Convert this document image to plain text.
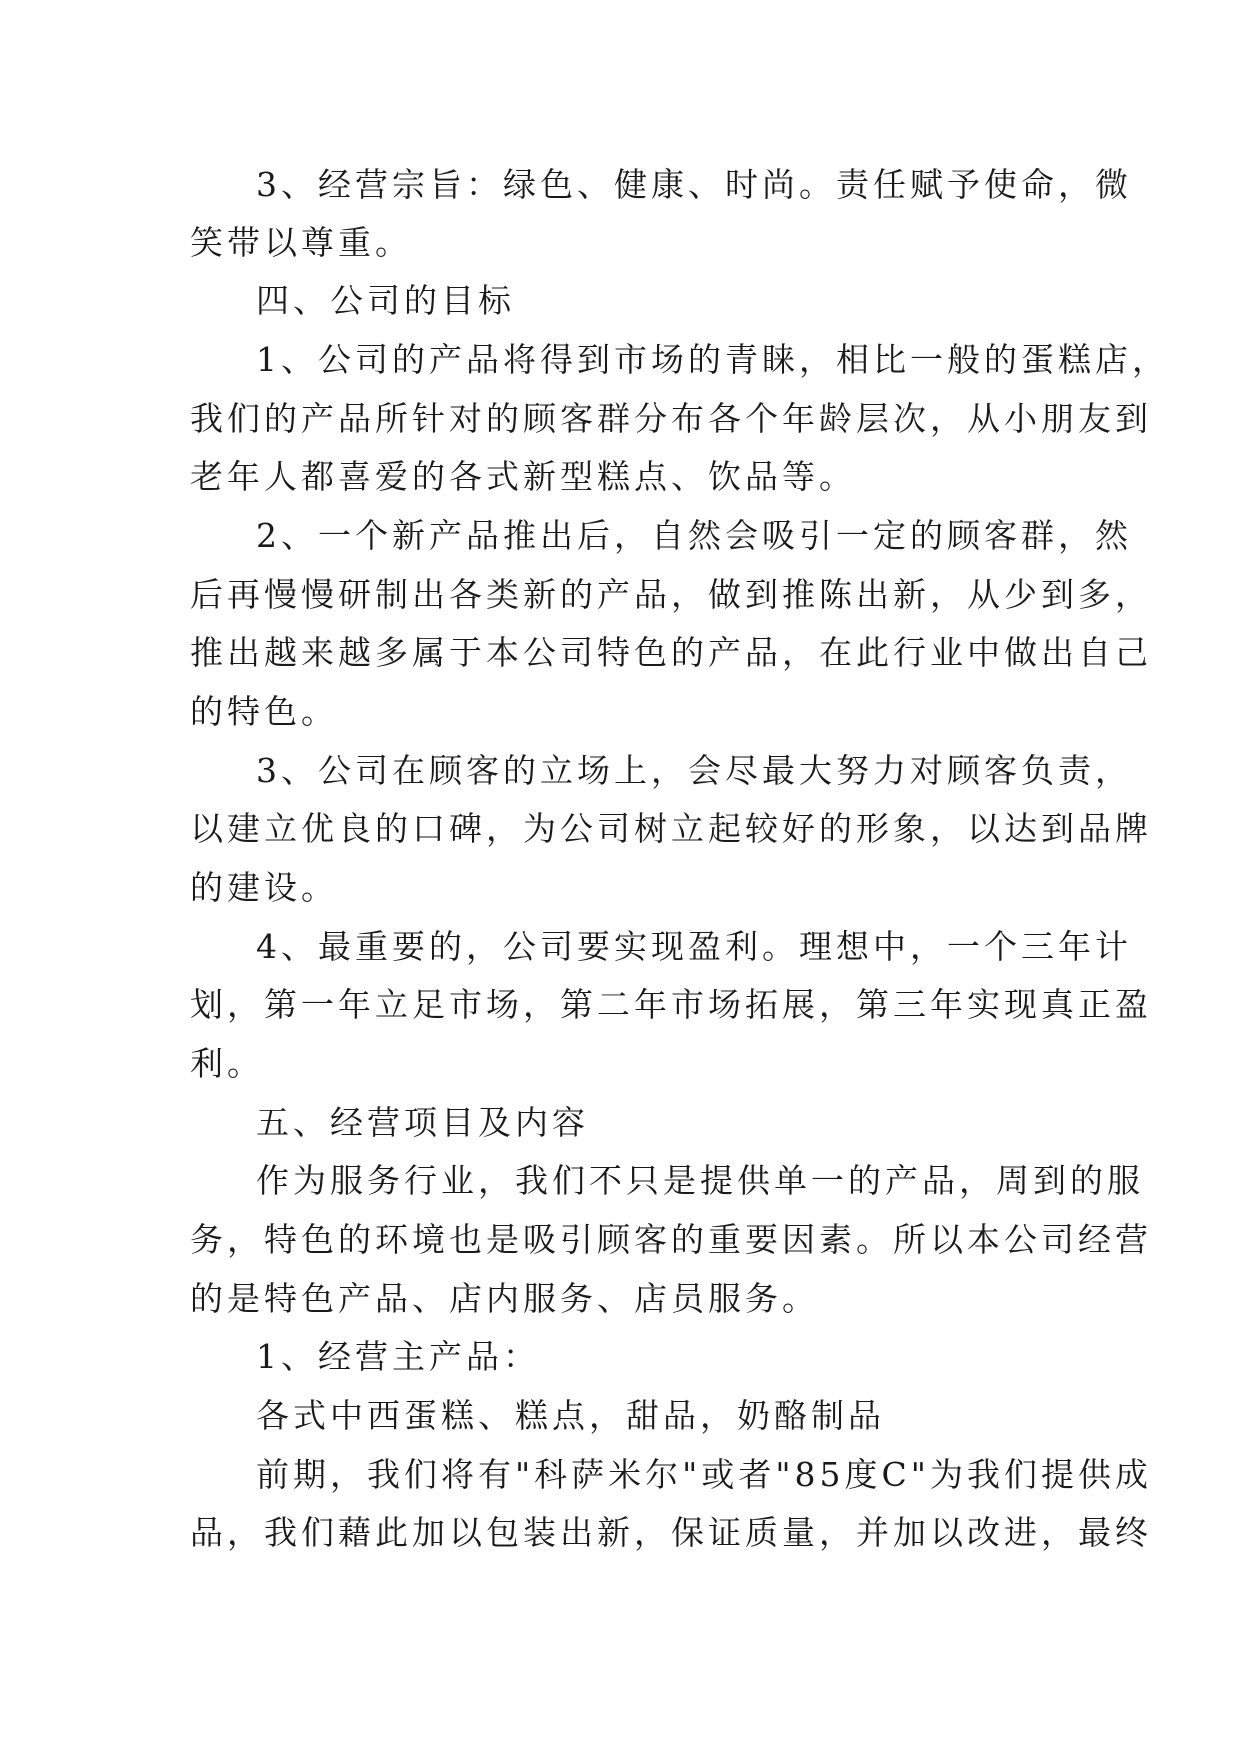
3、经营宗旨：绿色、健康、时尚。责任赋予使命，微

笑带以尊重。

四、公司的目标

1、公司的产品将得到市场的青睐，相比一般的蛋糕店，

我们的产品所针对的顾客群分布各个年龄层次，从小朋友到

老年人都喜爱的各式新型糕点、饮品等。

2、一个新产品推出后，自然会吸引一定的顾客群，然

后再慢慢研制出各类新的产品，做到推陈出新，从少到多，

推出越来越多属于本公司特色的产品，在此行业中做出自己

的特色。

3、公司在顾客的立场上，会尽最大努力对顾客负责，

以建立优良的口碑，为公司树立起较好的形象，以达到品牌

的建设。

4、最重要的，公司要实现盈利。理想中，一个三年计

划，第一年立足市场，第二年市场拓展，第三年实现真正盈

利。

五、经营项目及内容

作为服务行业，我们不只是提供单一的产品，周到的服

务，特色的环境也是吸引顾客的重要因素。所以本公司经营

的是特色产品、店内服务、店员服务。

1、经营主产品：

各式中西蛋糕、糕点，甜品，奶酪制品

前期，我们将有"科萨米尔"或者"85度C"为我们提供成

品，我们藉此加以包装出新，保证质量，并加以改进，最终
